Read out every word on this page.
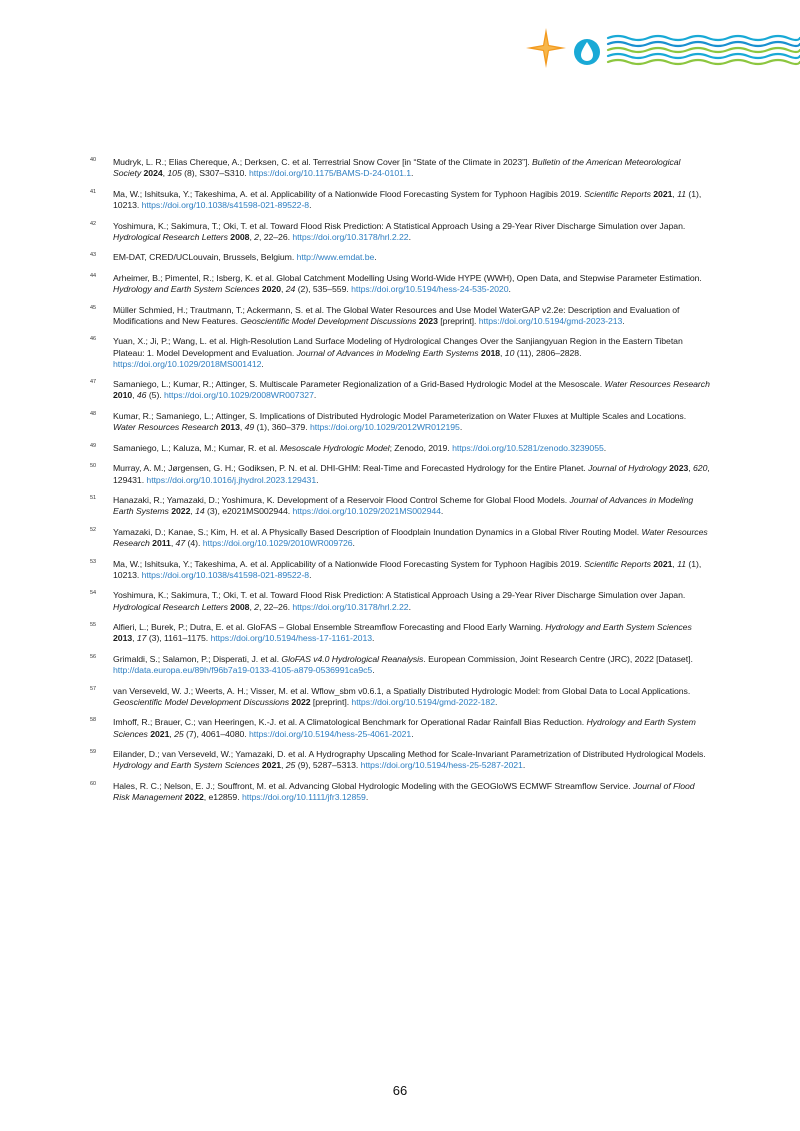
40 Mudryk, L. R.; Elias Chereque, A.; Derksen, C. et al. Terrestrial Snow Cover [in “State of the Climate in 2023”]. Bulletin of the American Meteorological Society 2024, 105 (8), S307–S310. https://doi.org/10.1175/BAMS-D-24-0101.1.
41 Ma, W.; Ishitsuka, Y.; Takeshima, A. et al. Applicability of a Nationwide Flood Forecasting System for Typhoon Hagibis 2019. Scientific Reports 2021, 11 (1), 10213. https://doi.org/10.1038/s41598-021-89522-8.
42 Yoshimura, K.; Sakimura, T.; Oki, T. et al. Toward Flood Risk Prediction: A Statistical Approach Using a 29-Year River Discharge Simulation over Japan. Hydrological Research Letters 2008, 2, 22–26. https://doi.org/10.3178/hrl.2.22.
43 EM-DAT, CRED/UCLouvain, Brussels, Belgium. http://www.emdat.be.
44 Arheimer, B.; Pimentel, R.; Isberg, K. et al. Global Catchment Modelling Using World-Wide HYPE (WWH), Open Data, and Stepwise Parameter Estimation. Hydrology and Earth System Sciences 2020, 24 (2), 535–559. https://doi.org/10.5194/hess-24-535-2020.
45 Müller Schmied, H.; Trautmann, T.; Ackermann, S. et al. The Global Water Resources and Use Model WaterGAP v2.2e: Description and Evaluation of Modifications and New Features. Geoscientific Model Development Discussions 2023 [preprint]. https://doi.org/10.5194/gmd-2023-213.
46 Yuan, X.; Ji, P.; Wang, L. et al. High-Resolution Land Surface Modeling of Hydrological Changes Over the Sanjiangyuan Region in the Eastern Tibetan Plateau: 1. Model Development and Evaluation. Journal of Advances in Modeling Earth Systems 2018, 10 (11), 2806–2828. https://doi.org/10.1029/2018MS001412.
47 Samaniego, L.; Kumar, R.; Attinger, S. Multiscale Parameter Regionalization of a Grid-Based Hydrologic Model at the Mesoscale. Water Resources Research 2010, 46 (5). https://doi.org/10.1029/2008WR007327.
48 Kumar, R.; Samaniego, L.; Attinger, S. Implications of Distributed Hydrologic Model Parameterization on Water Fluxes at Multiple Scales and Locations. Water Resources Research 2013, 49 (1), 360–379. https://doi.org/10.1029/2012WR012195.
49 Samaniego, L.; Kaluza, M.; Kumar, R. et al. Mesoscale Hydrologic Model; Zenodo, 2019. https://doi.org/10.5281/zenodo.3239055.
50 Murray, A. M.; Jørgensen, G. H.; Godiksen, P. N. et al. DHI-GHM: Real-Time and Forecasted Hydrology for the Entire Planet. Journal of Hydrology 2023, 620, 129431. https://doi.org/10.1016/j.jhydrol.2023.129431.
51 Hanazaki, R.; Yamazaki, D.; Yoshimura, K. Development of a Reservoir Flood Control Scheme for Global Flood Models. Journal of Advances in Modeling Earth Systems 2022, 14 (3), e2021MS002944. https://doi.org/10.1029/2021MS002944.
52 Yamazaki, D.; Kanae, S.; Kim, H. et al. A Physically Based Description of Floodplain Inundation Dynamics in a Global River Routing Model. Water Resources Research 2011, 47 (4). https://doi.org/10.1029/2010WR009726.
53 Ma, W.; Ishitsuka, Y.; Takeshima, A. et al. Applicability of a Nationwide Flood Forecasting System for Typhoon Hagibis 2019. Scientific Reports 2021, 11 (1), 10213. https://doi.org/10.1038/s41598-021-89522-8.
54 Yoshimura, K.; Sakimura, T.; Oki, T. et al. Toward Flood Risk Prediction: A Statistical Approach Using a 29-Year River Discharge Simulation over Japan. Hydrological Research Letters 2008, 2, 22–26. https://doi.org/10.3178/hrl.2.22.
55 Alfieri, L.; Burek, P.; Dutra, E. et al. GloFAS – Global Ensemble Streamflow Forecasting and Flood Early Warning. Hydrology and Earth System Sciences 2013, 17 (3), 1161–1175. https://doi.org/10.5194/hess-17-1161-2013.
56 Grimaldi, S.; Salamon, P.; Disperati, J. et al. GloFAS v4.0 Hydrological Reanalysis. European Commission, Joint Research Centre (JRC), 2022 [Dataset]. http://data.europa.eu/89h/f96b7a19-0133-4105-a879-0536991ca9c5.
57 van Verseveld, W. J.; Weerts, A. H.; Visser, M. et al. Wflow_sbm v0.6.1, a Spatially Distributed Hydrologic Model: from Global Data to Local Applications. Geoscientific Model Development Discussions 2022 [preprint]. https://doi.org/10.5194/gmd-2022-182.
58 Imhoff, R.; Brauer, C.; van Heeringen, K.-J. et al. A Climatological Benchmark for Operational Radar Rainfall Bias Reduction. Hydrology and Earth System Sciences 2021, 25 (7), 4061–4080. https://doi.org/10.5194/hess-25-4061-2021.
59 Eilander, D.; van Verseveld, W.; Yamazaki, D. et al. A Hydrography Upscaling Method for Scale-Invariant Parametrization of Distributed Hydrological Models. Hydrology and Earth System Sciences 2021, 25 (9), 5287–5313. https://doi.org/10.5194/hess-25-5287-2021.
60 Hales, R. C.; Nelson, E. J.; Souffront, M. et al. Advancing Global Hydrologic Modeling with the GEOGloWS ECMWF Streamflow Service. Journal of Flood Risk Management 2022, e12859. https://doi.org/10.1111/jfr3.12859.
66
